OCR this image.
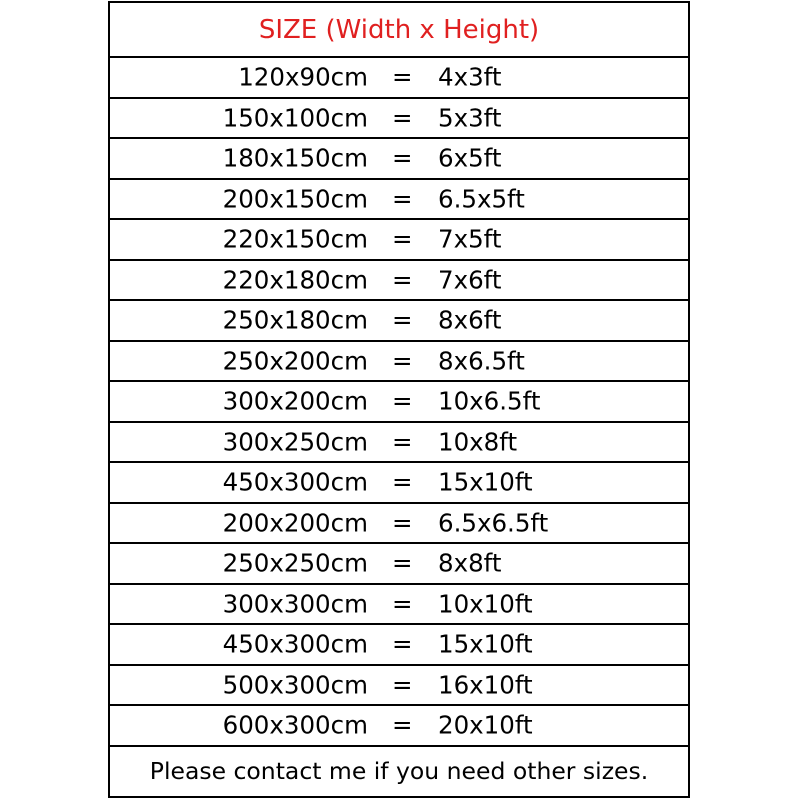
SIZE (Width x Height)
120x90cm = 4x3ft
150x100cm = 5x3ft
180x150cm = 6x5ft
200x150cm = 6.5x5ft
220x150cm = 7x5ft
220x180cm = 7x6ft
250x180cm = 8x6ft
250x200cm = 8x6.5ft
300x200cm = 10x6.5ft
300x250cm = 10x8ft
450x300cm = 15x10ft
200x200cm = 6.5x6.5ft
250x250cm = 8x8ft
300x300cm = 10x10ft
450x300cm = 15x10ft
500x300cm = 16x10ft
600x300cm = 20x10ft
Please contact me if you need other sizes.
